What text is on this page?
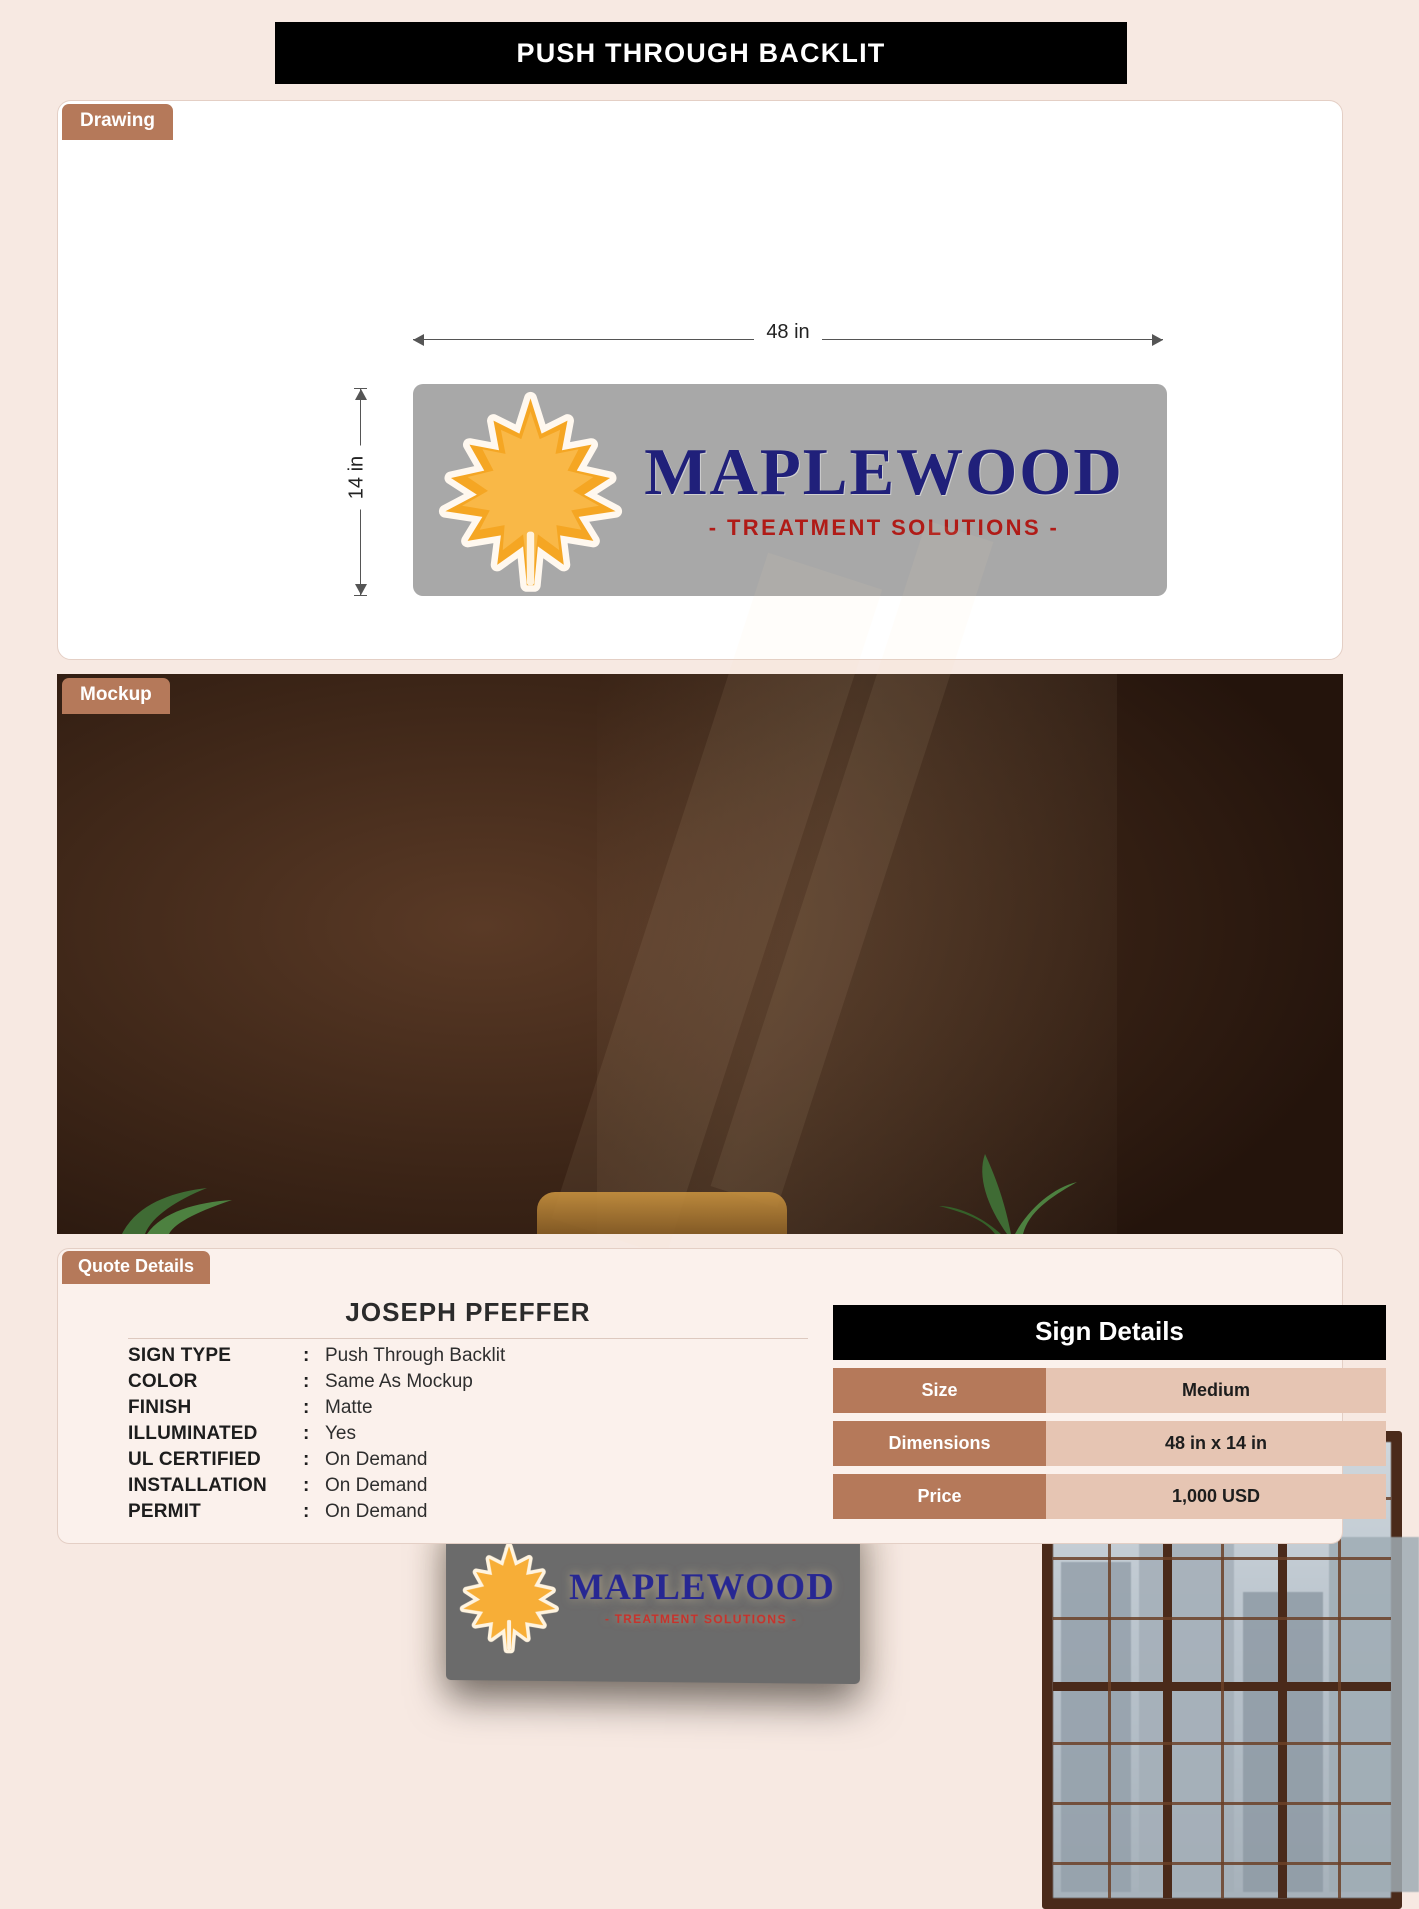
PUSH THROUGH BACKLIT
Drawing
48 in
14 in	MAPLEWOOD
- TREATMENT SOLUTIONS -
Mockup
MAPLEWOOD
- TREATMENT SOLUTIONS -
Quote Details
JOSEPH PFEFFER
SIGN TYPE	: Push Through Backlit
COLOR	: Same As Mockup
FINISH	: Matte
ILLUMINATED	: Yes
UL CERTIFIED	: On Demand
INSTALLATION	: On Demand
PERMIT	: On Demand
Sign Details
Size	Medium
Dimensions	48 in x 14 in
Price	1,000 USD
